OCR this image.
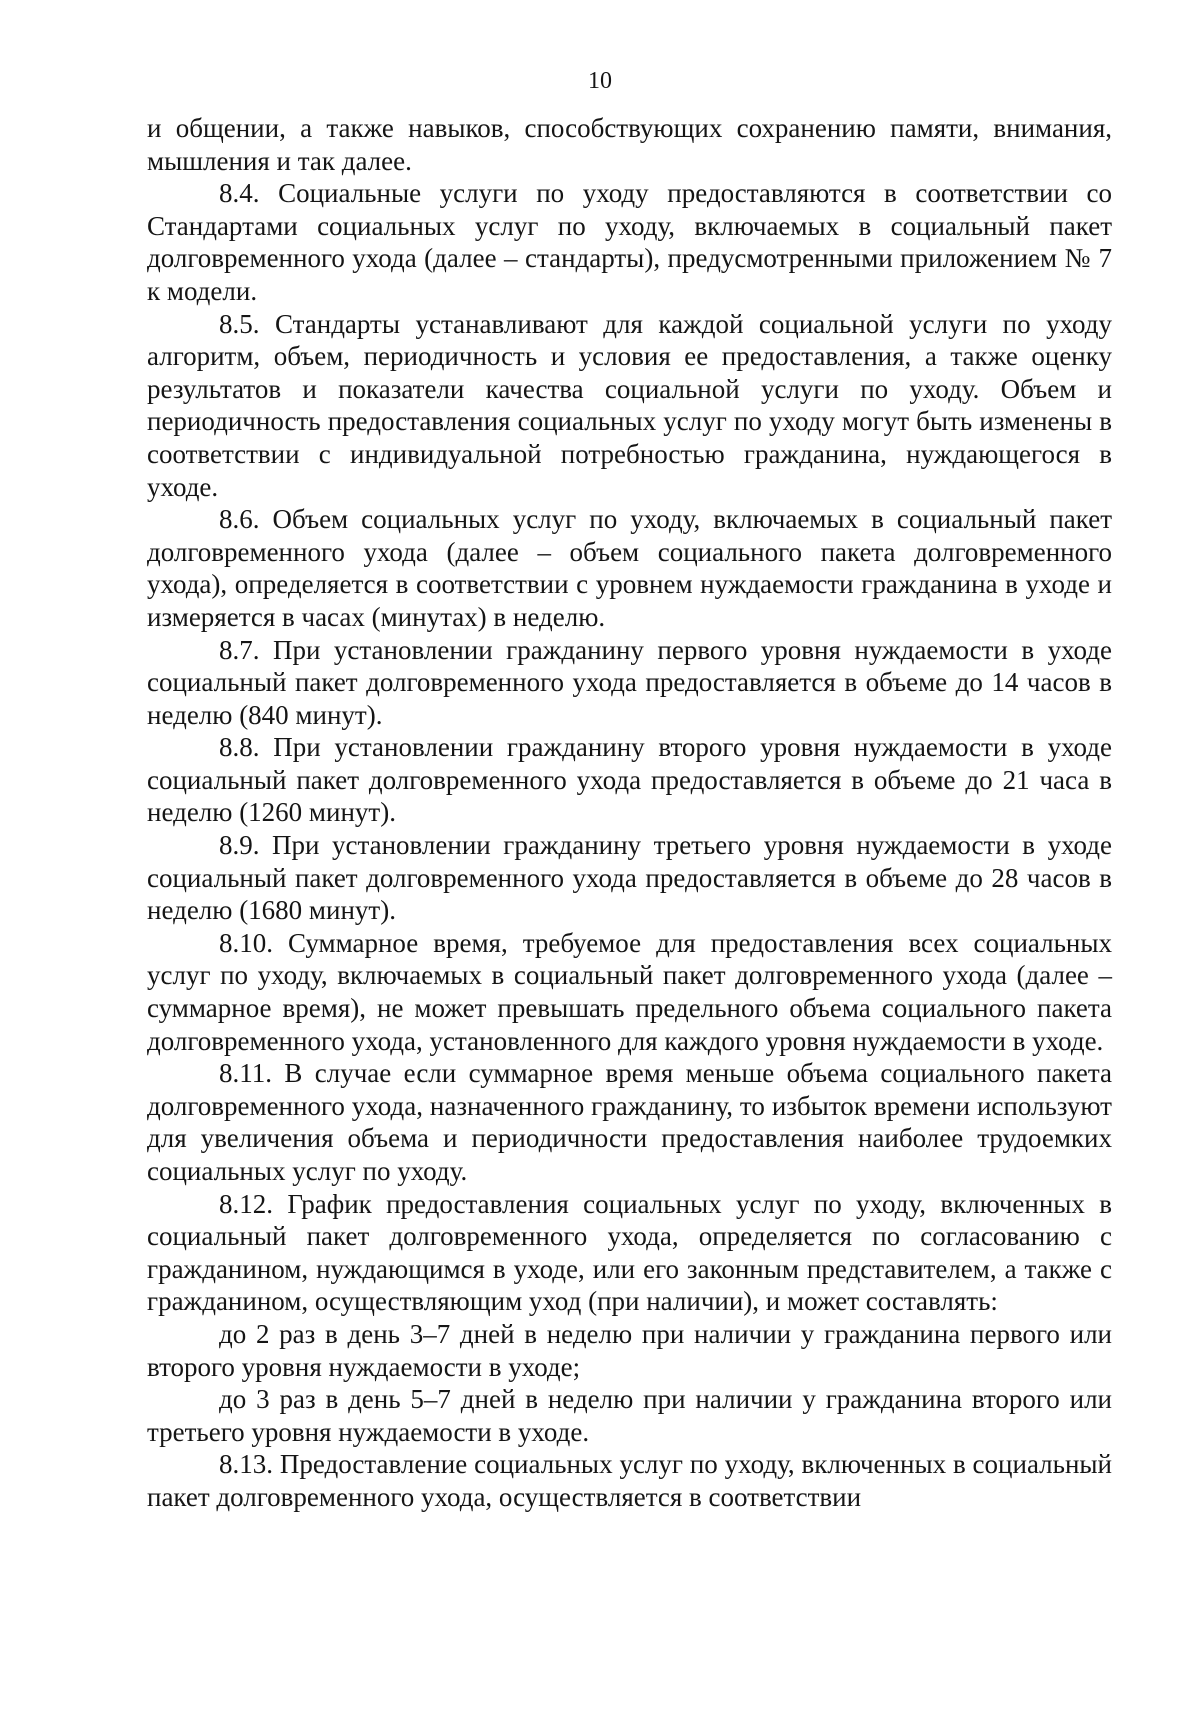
10

и общении, а также навыков, способствующих сохранению памяти, внимания, мышления и так далее.

8.4. Социальные услуги по уходу предоставляются в соответствии со Стандартами социальных услуг по уходу, включаемых в социальный пакет долговременного ухода (далее – стандарты), предусмотренными приложением № 7 к модели.

8.5. Стандарты устанавливают для каждой социальной услуги по уходу алгоритм, объем, периодичность и условия ее предоставления, а также оценку результатов и показатели качества социальной услуги по уходу. Объем и периодичность предоставления социальных услуг по уходу могут быть изменены в соответствии с индивидуальной потребностью гражданина, нуждающегося в уходе.

8.6. Объем социальных услуг по уходу, включаемых в социальный пакет долговременного ухода (далее – объем социального пакета долговременного ухода), определяется в соответствии с уровнем нуждаемости гражданина в уходе и измеряется в часах (минутах) в неделю.

8.7. При установлении гражданину первого уровня нуждаемости в уходе социальный пакет долговременного ухода предоставляется в объеме до 14 часов в неделю (840 минут).

8.8. При установлении гражданину второго уровня нуждаемости в уходе социальный пакет долговременного ухода предоставляется в объеме до 21 часа в неделю (1260 минут).

8.9. При установлении гражданину третьего уровня нуждаемости в уходе социальный пакет долговременного ухода предоставляется в объеме до 28 часов в неделю (1680 минут).

8.10. Суммарное время, требуемое для предоставления всех социальных услуг по уходу, включаемых в социальный пакет долговременного ухода (далее – суммарное время), не может превышать предельного объема социального пакета долговременного ухода, установленного для каждого уровня нуждаемости в уходе.

8.11. В случае если суммарное время меньше объема социального пакета долговременного ухода, назначенного гражданину, то избыток времени используют для увеличения объема и периодичности предоставления наиболее трудоемких социальных услуг по уходу.

8.12. График предоставления социальных услуг по уходу, включенных в социальный пакет долговременного ухода, определяется по согласованию с гражданином, нуждающимся в уходе, или его законным представителем, а также с гражданином, осуществляющим уход (при наличии), и может составлять:

до 2 раз в день 3–7 дней в неделю при наличии у гражданина первого или второго уровня нуждаемости в уходе;

до 3 раз в день 5–7 дней в неделю при наличии у гражданина второго или третьего уровня нуждаемости в уходе.

8.13. Предоставление социальных услуг по уходу, включенных в социальный пакет долговременного ухода, осуществляется в соответствии
